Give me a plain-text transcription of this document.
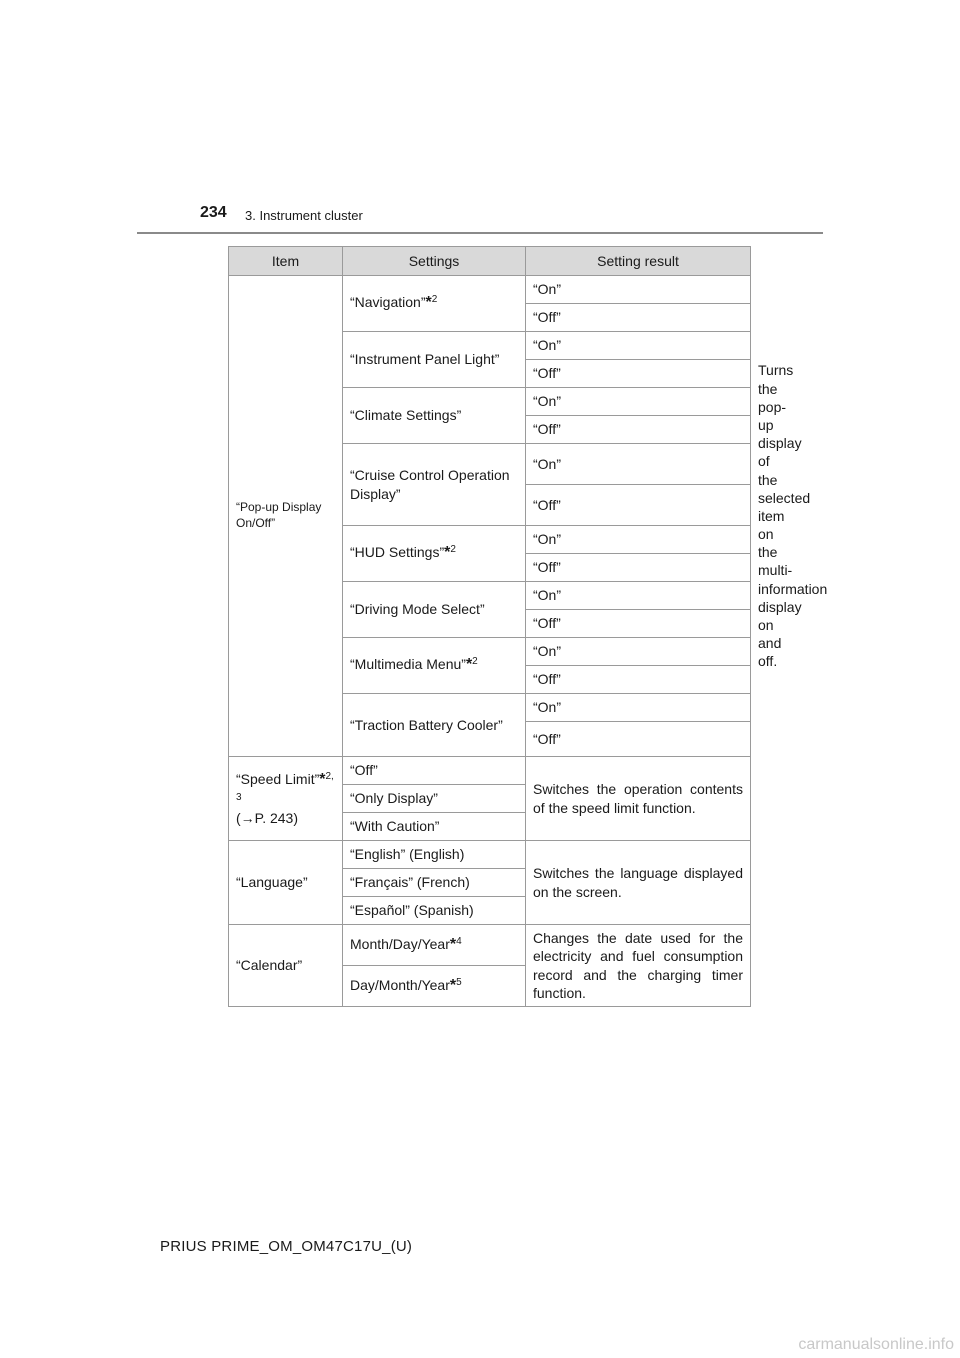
234 3. Instrument cluster
Item	Settings	Setting result	
“Pop-up Display On/Off”	“Navigation”*$^2$	“On”	Turns the pop-up display of the selected item on the multi-information display on and off.
		“Off”	
	“Instrument Panel Light”	“On”	
		“Off”	
	“Climate Settings”	“On”	
		“Off”	
	“Cruise Control Operation Display”	“On”	
		“Off”	
	“HUD Settings”*$^2$	“On”	
		“Off”	
	“Driving Mode Select”	“On”	
		“Off”	
	“Multimedia Menu”*$^2$	“On”	
		“Off”	
	“Traction Battery Cooler”	“On”	
		“Off”	
“Speed Limit”*$^{2, 3}$
(→P. 243)	“Off”	Switches the operation contents of the speed limit function.	
	“Only Display”		
	“With Caution”		
“Language”	“English” (English)	Switches the language displayed on the screen.	
	“Français” (French)		
	“Español” (Spanish)		
“Calendar”	Month/Day/Year*$^4$	Changes the date used for the electricity and fuel consumption record and the charging timer function.	
	Day/Month/Year*$^5$
PRIUS PRIME_OM_OM47C17U_(U)
carmanualsonline.info
